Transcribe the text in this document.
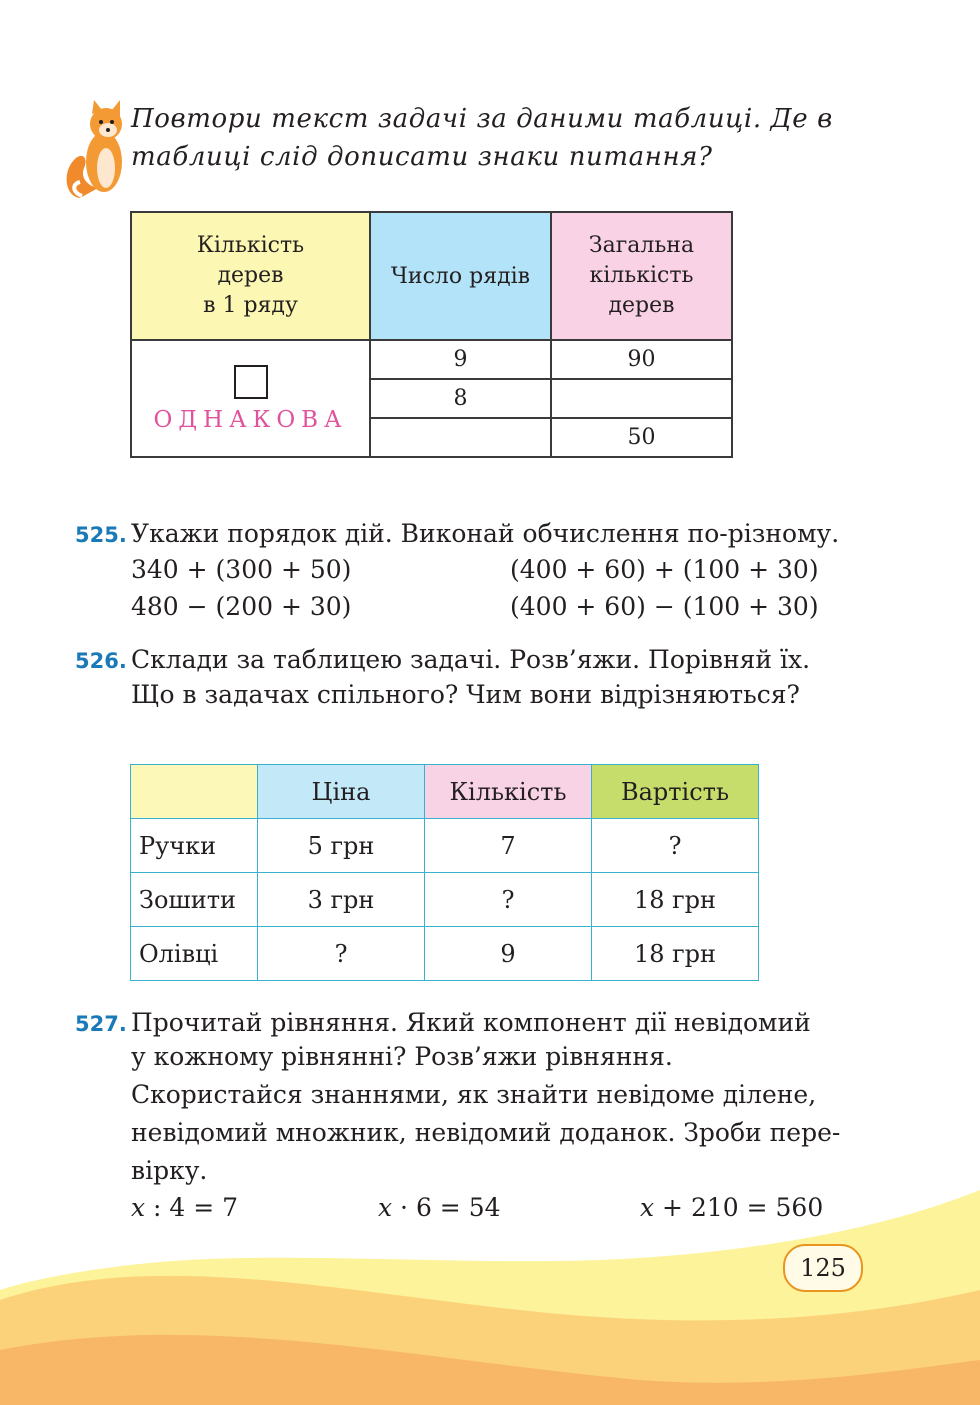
Повтори текст задачі за даними таблиці. Де в таблиці слід дописати знаки питання?

Кількість
дерев
в 1 ряду	Число рядів	Загальна
кількість
дерев

ОДНАКОВА	9	90
	8	
		50
525. Укажи порядок дій. Виконай обчислення по-різному.
340 + (300 + 50)	(400 + 60) + (100 + 30)
480 − (200 + 30)	(400 + 60) − (100 + 30)
526. Склади за таблицею задачі. Розв’яжи. Порівняй їх.
Що в задачах спільного? Чим вони відрізняються?
	Ціна	Кількість	Вартість
Ручки	5 грн	7	?
Зошити	3 грн	?	18 грн
Олівці	?	9	18 грн
527. Прочитай рівняння. Який компонент дії невідомий
у кожному рівнянні? Розв’яжи рівняння.
Скористайся знаннями, як знайти невідоме ділене,
невідомий множник, невідомий доданок. Зроби пере-
вірку.
x : 4 = 7	x · 6 = 54	x + 210 = 560
125
